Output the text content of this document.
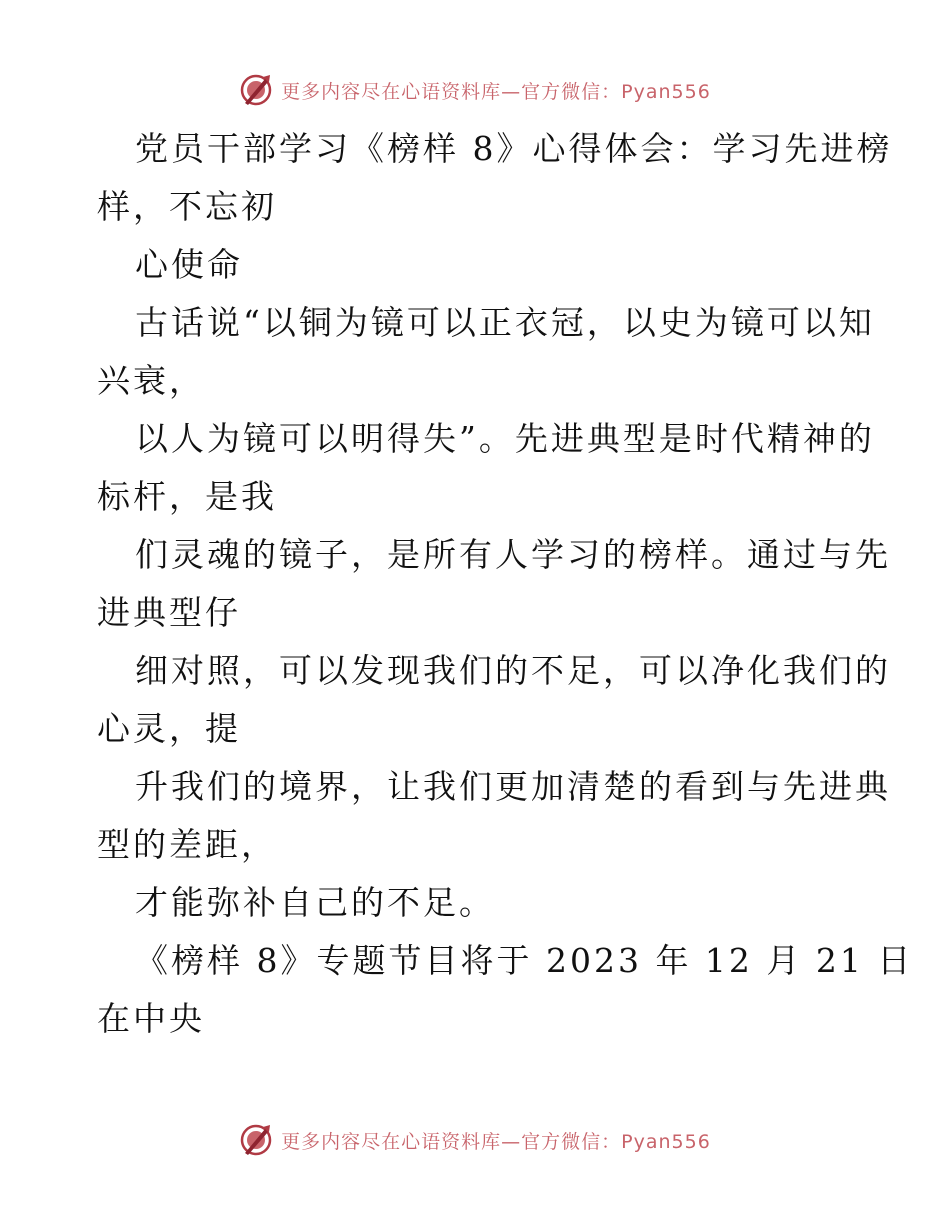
更多内容尽在心语资料库—官方微信：Pyan556

党员干部学习《榜样 8》心得体会：学习先进榜
样，不忘初
心使命
古话说“以铜为镜可以正衣冠，以史为镜可以知
兴衰，
以人为镜可以明得失”。先进典型是时代精神的
标杆，是我
们灵魂的镜子，是所有人学习的榜样。通过与先
进典型仔
细对照，可以发现我们的不足，可以净化我们的
心灵，提
升我们的境界，让我们更加清楚的看到与先进典
型的差距，
才能弥补自己的不足。
《榜样 8》专题节目将于 2023 年 12 月 21 日
在中央

更多内容尽在心语资料库—官方微信：Pyan556
